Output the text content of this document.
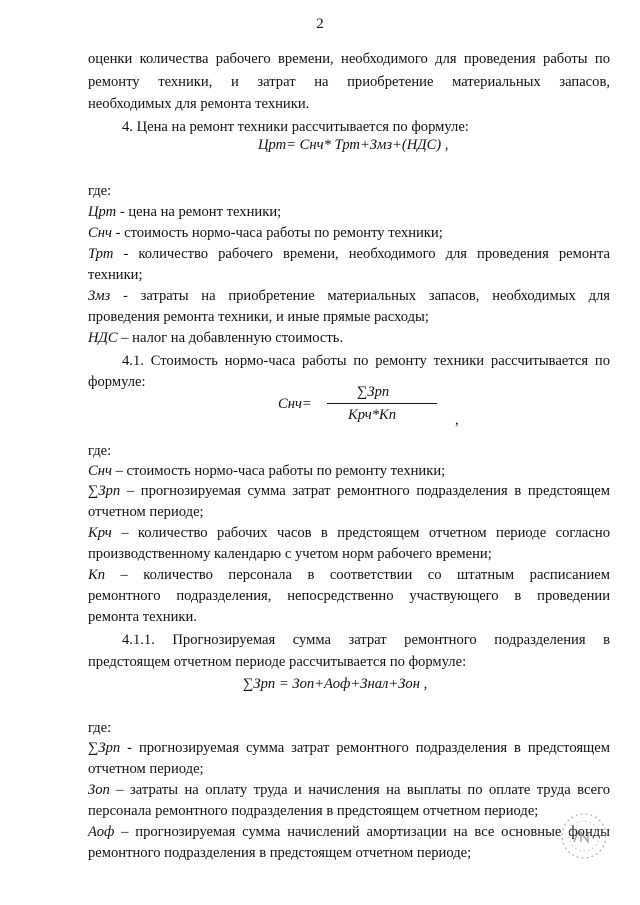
2
оценки количества рабочего времени, необходимого для проведения работы по
ремонту техники, и затрат на приобретение материальных запасов,
необходимых для ремонта техники.
4. Цена на ремонт техники рассчитывается по формуле:
Црт= Снч* Трт+Змз+(НДС) ,
где:
Црт - цена на ремонт техники;
Снч - стоимость нормо-часа работы по ремонту техники;
Трт - количество рабочего времени, необходимого для проведения ремонта
техники;
Змз - затраты на приобретение материальных запасов, необходимых для
проведения ремонта техники, и иные прямые расходы;
НДС – налог на добавленную стоимость.
4.1. Стоимость нормо-часа работы по ремонту техники рассчитывается по
формуле:
Снч=
∑Зрп
Крч*Кп	,
где:
Снч – стоимость нормо-часа работы по ремонту техники;
∑Зрп – прогнозируемая сумма затрат ремонтного подразделения в предстоящем
отчетном периоде;
Крч – количество рабочих часов в предстоящем отчетном периоде согласно
производственному календарю с учетом норм рабочего времени;
Кп – количество персонала в соответствии со штатным расписанием
ремонтного подразделения, непосредственно участвующего в проведении
ремонта техники.
4.1.1. Прогнозируемая сумма затрат ремонтного подразделения в
предстоящем отчетном периоде рассчитывается по формуле:
∑Зрп = Зоп+Аоф+Знал+Зон ,
где:
∑Зрп - прогнозируемая сумма затрат ремонтного подразделения в предстоящем
отчетном периоде;
Зоп – затраты на оплату труда и начисления на выплаты по оплате труда всего
персонала ремонтного подразделения в предстоящем отчетном периоде;
Аоф – прогнозируемая сумма начислений амортизации на все основные фонды
ремонтного подразделения в предстоящем отчетном периоде;
